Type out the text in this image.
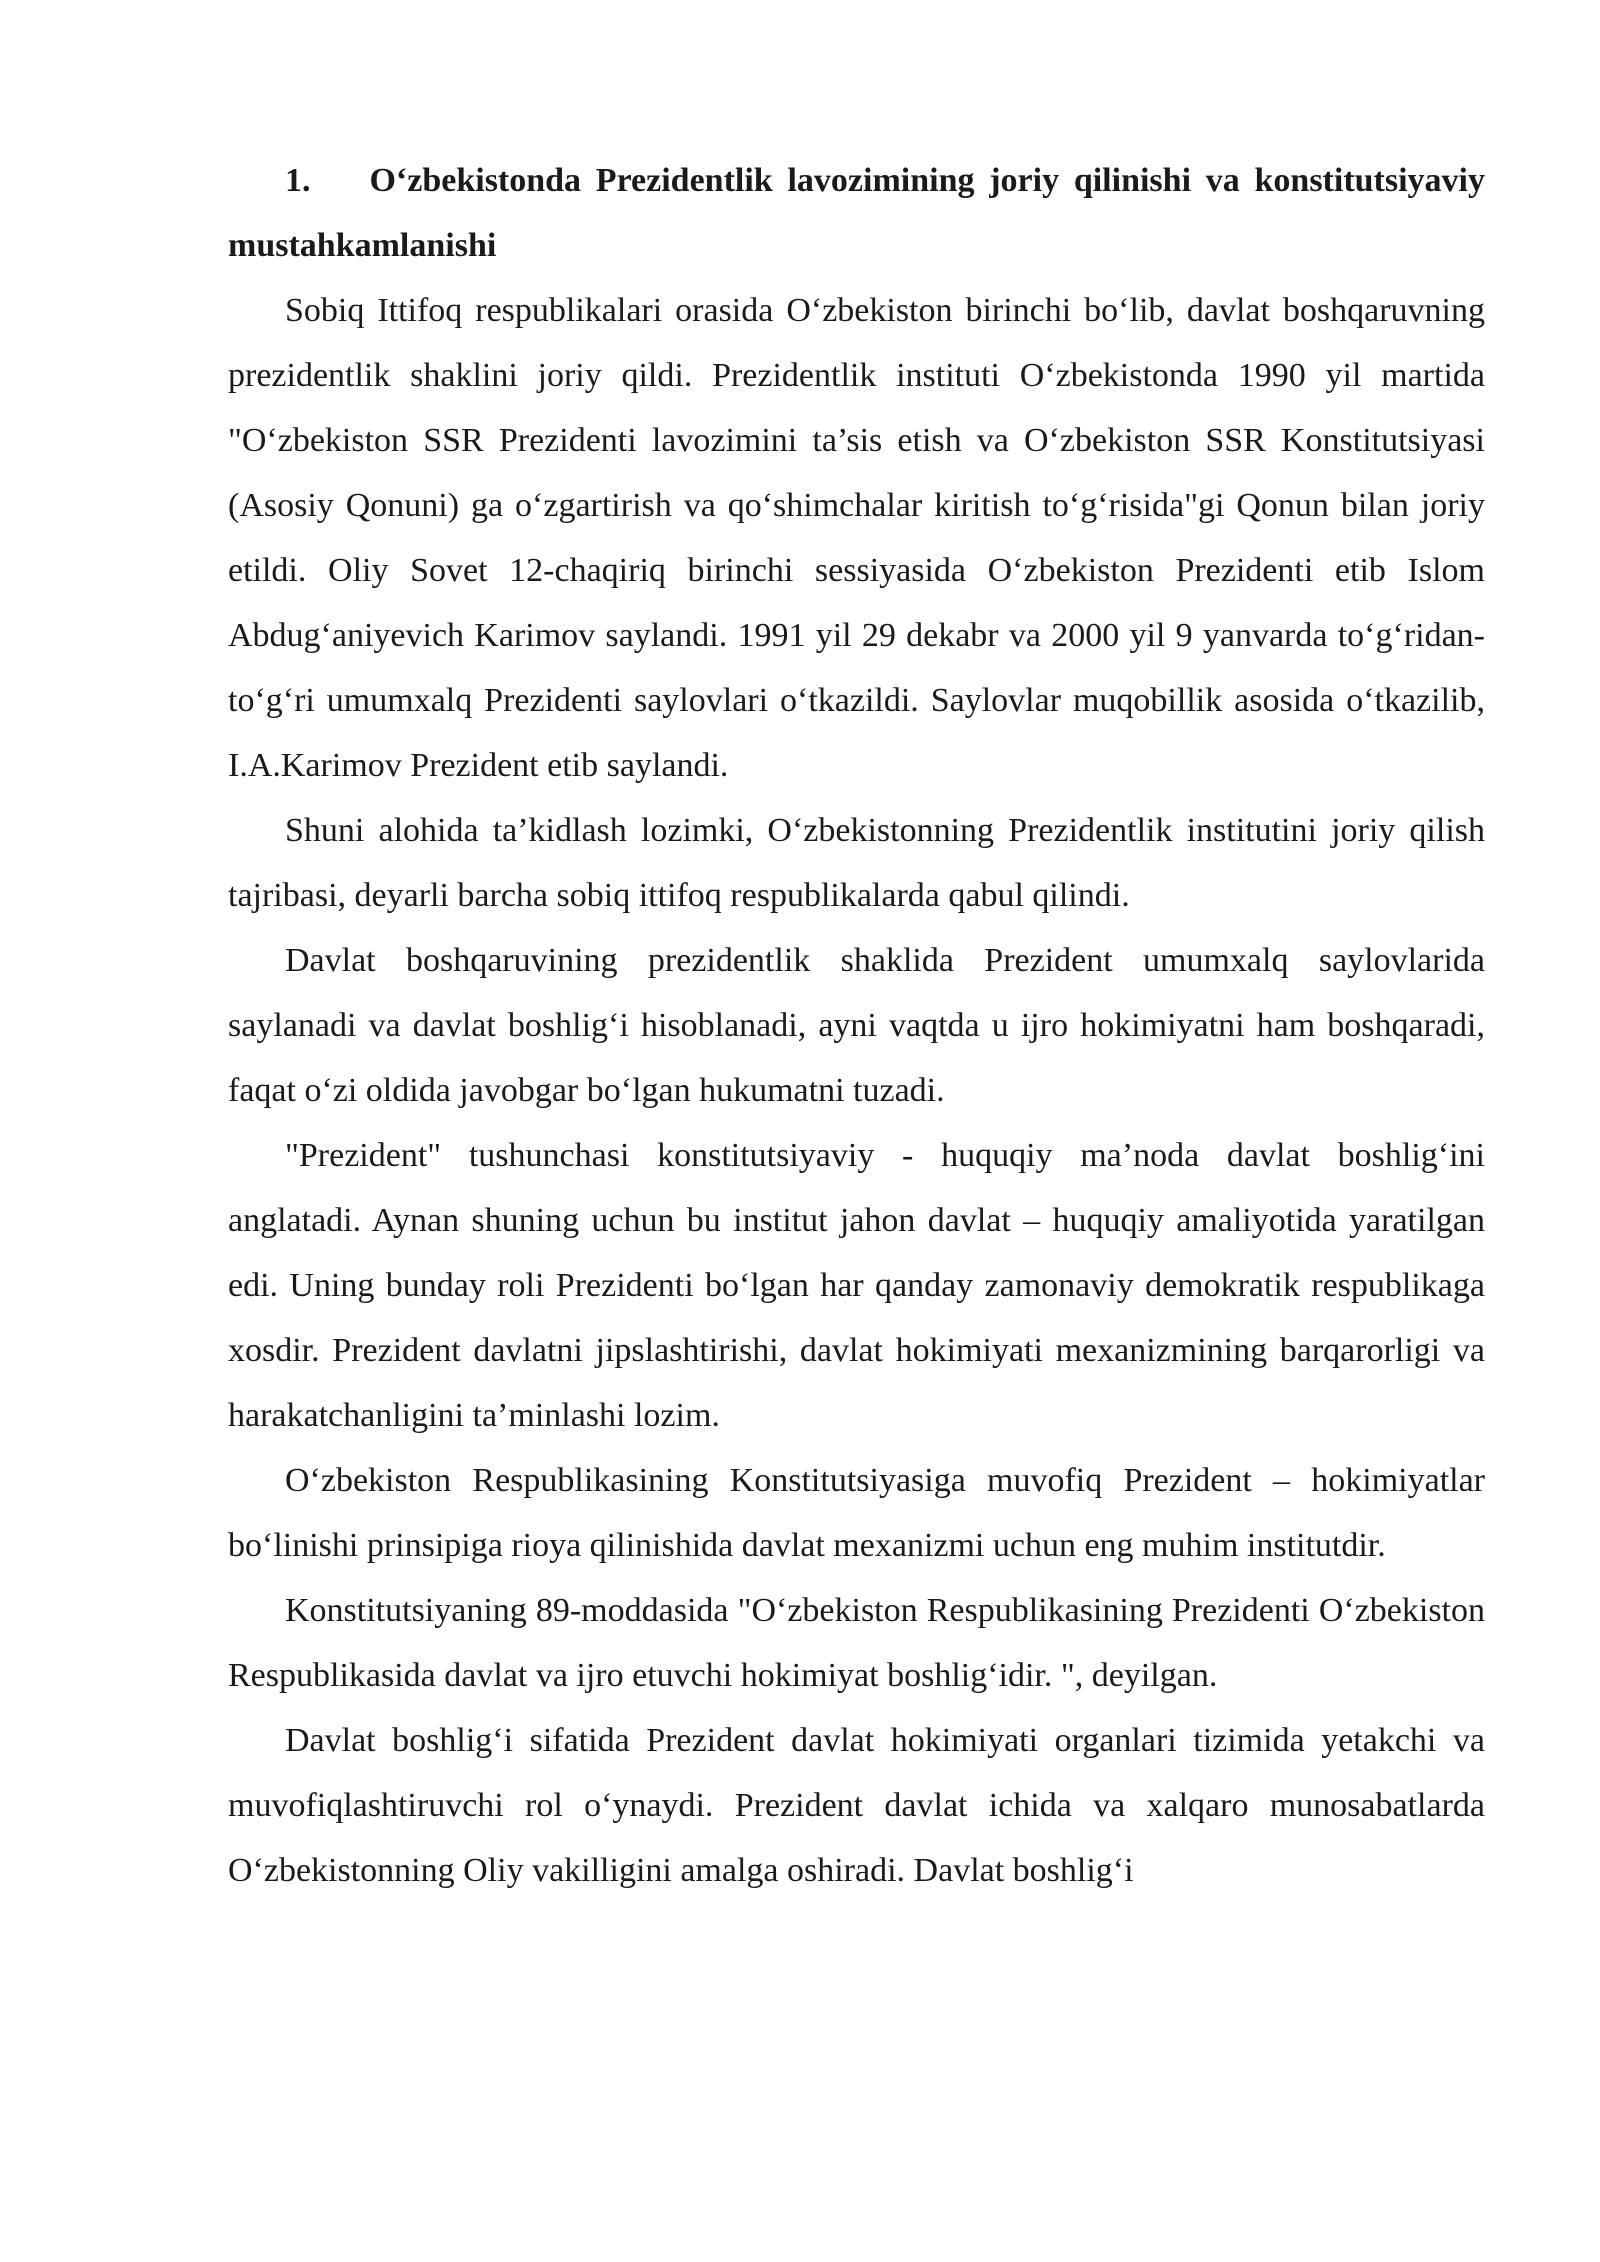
1.    O‘zbekistonda Prezidentlik lavozimining joriy qilinishi va konstitutsiyaviy mustahkamlanishi

Sobiq Ittifoq respublikalari orasida O‘zbekiston birinchi bo‘lib, davlat boshqaruvning prezidentlik shaklini joriy qildi. Prezidentlik instituti O‘zbekistonda 1990 yil martida "O‘zbekiston SSR Prezidenti lavozimini ta’sis etish va O‘zbekiston SSR Konstitutsiyasi (Asosiy Qonuni) ga o‘zgartirish va qo‘shimchalar kiritish to‘g‘risida"gi Qonun bilan joriy etildi. Oliy Sovet 12-chaqiriq birinchi sessiyasida O‘zbekiston Prezidenti etib Islom Abdug‘aniyevich Karimov saylandi. 1991 yil 29 dekabr va 2000 yil 9 yanvarda to‘g‘ridan-to‘g‘ri umumxalq Prezidenti saylovlari o‘tkazildi. Saylovlar muqobillik asosida o‘tkazilib, I.A.Karimov Prezident etib saylandi.

Shuni alohida ta’kidlash lozimki, O‘zbekistonning Prezidentlik institutini joriy qilish tajribasi, deyarli barcha sobiq ittifoq respublikalarda qabul qilindi.

Davlat boshqaruvining prezidentlik shaklida Prezident umumxalq saylovlarida saylanadi va davlat boshlig‘i hisoblanadi, ayni vaqtda u ijro hokimiyatni ham boshqaradi, faqat o‘zi oldida javobgar bo‘lgan hukumatni tuzadi.

"Prezident" tushunchasi konstitutsiyaviy - huquqiy ma’noda davlat boshlig‘ini anglatadi. Aynan shuning uchun bu institut jahon davlat – huquqiy amaliyotida yaratilgan edi. Uning bunday roli Prezidenti bo‘lgan har qanday zamonaviy demokratik respublikaga xosdir. Prezident davlatni jipslashtirishi, davlat hokimiyati mexanizmining barqarorligi va harakatchanligini ta’minlashi lozim.

O‘zbekiston Respublikasining Konstitutsiyasiga muvofiq Prezident – hokimiyatlar bo‘linishi prinsipiga rioya qilinishida davlat mexanizmi uchun eng muhim institutdir.

Konstitutsiyaning 89-moddasida "O‘zbekiston Respublikasining Prezidenti O‘zbekiston Respublikasida davlat va ijro etuvchi hokimiyat boshlig‘idir. ", deyilgan.

Davlat boshlig‘i sifatida Prezident davlat hokimiyati organlari tizimida yetakchi va muvofiqlashtiruvchi rol o‘ynaydi. Prezident davlat ichida va xalqaro munosabatlarda O‘zbekistonning Oliy vakilligini amalga oshiradi. Davlat boshlig‘i
